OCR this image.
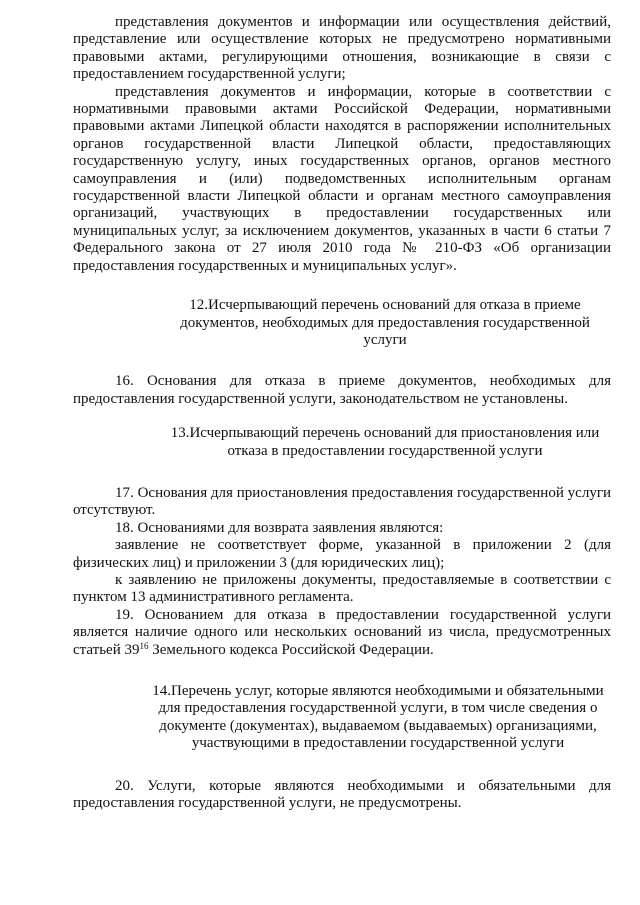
представления документов и информации или осуществления действий, представление или осуществление которых не предусмотрено нормативными правовыми актами, регулирующими отношения, возникающие в связи с предоставлением государственной услуги;

представления документов и информации, которые в соответствии с нормативными правовыми актами Российской Федерации, нормативными правовыми актами Липецкой области находятся в распоряжении исполнительных органов государственной власти Липецкой области, предоставляющих государственную услугу, иных государственных органов, органов местного самоуправления и (или) подведомственных исполнительным органам государственной власти Липецкой области и органам местного самоуправления организаций, участвующих в предоставлении государственных или муниципальных услуг, за исключением документов, указанных в части 6 статьи 7 Федерального закона от 27 июля 2010 года № 210-ФЗ «Об организации предоставления государственных и муниципальных услуг».

12.Исчерпывающий перечень оснований для отказа в приеме документов, необходимых для предоставления государственной услуги

16. Основания для отказа в приеме документов, необходимых для предоставления государственной услуги, законодательством не установлены.

13.Исчерпывающий перечень оснований для приостановления или отказа в предоставлении государственной услуги

17. Основания для приостановления предоставления государственной услуги отсутствуют.

18. Основаниями для возврата заявления являются:

заявление не соответствует форме, указанной в приложении 2 (для физических лиц) и приложении 3 (для юридических лиц);

к заявлению не приложены документы, предоставляемые в соответствии с пунктом 13 административного регламента.

19. Основанием для отказа в предоставлении государственной услуги является наличие одного или нескольких оснований из числа, предусмотренных статьей $39^{16}$ Земельного кодекса Российской Федерации.

14.Перечень услуг, которые являются необходимыми и обязательными для предоставления государственной услуги, в том числе сведения о документе (документах), выдаваемом (выдаваемых) организациями, участвующими в предоставлении государственной услуги

20. Услуги, которые являются необходимыми и обязательными для предоставления государственной услуги, не предусмотрены.
